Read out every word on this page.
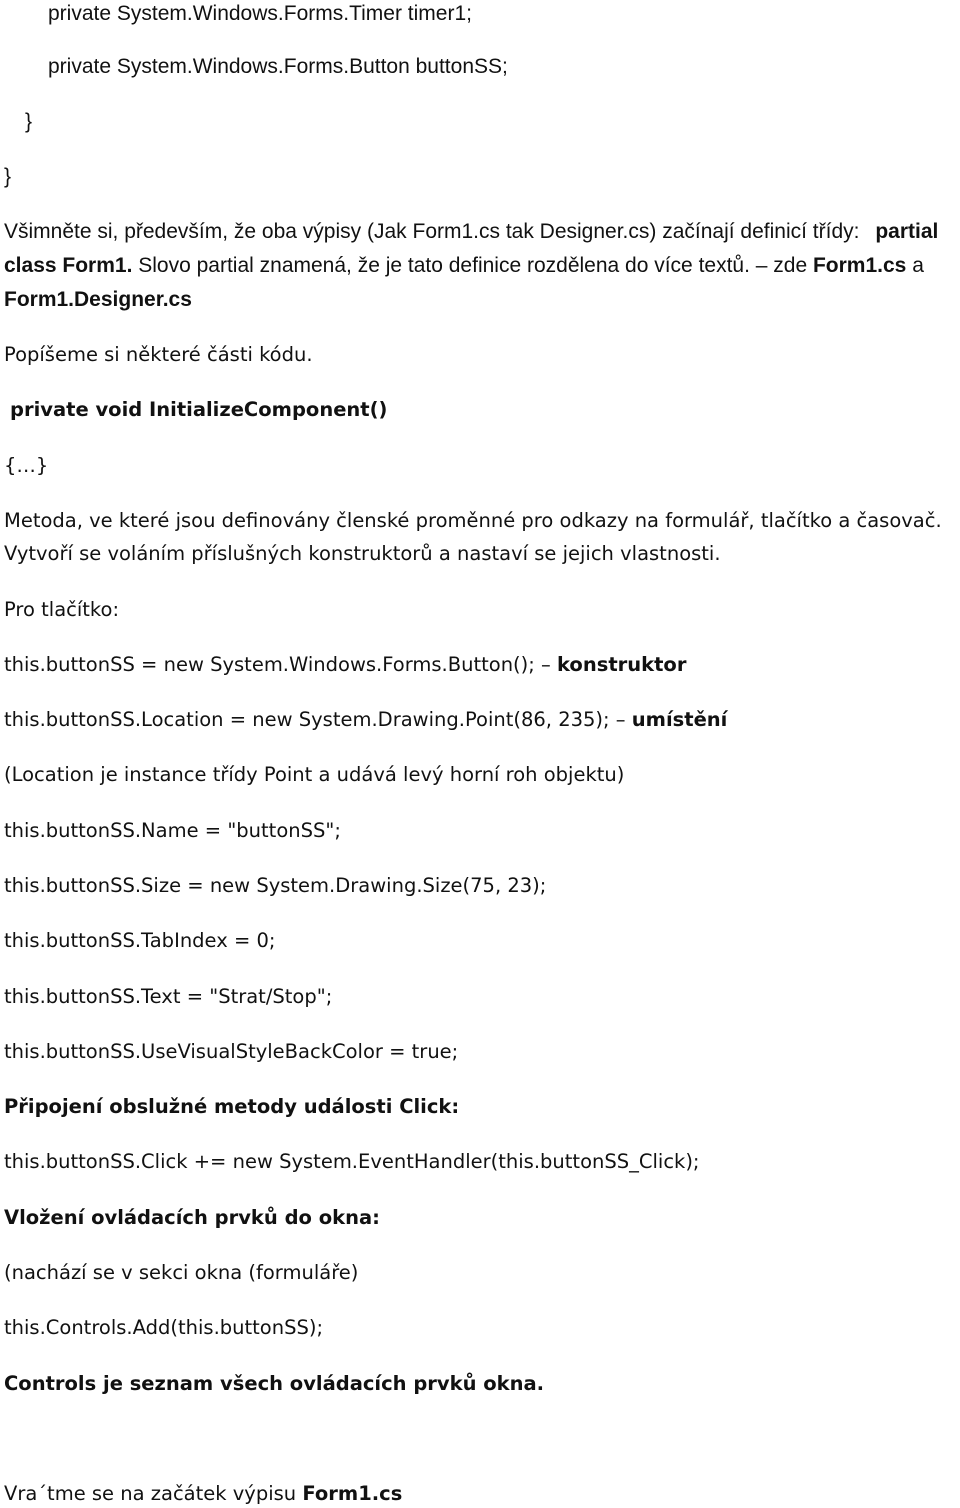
private System.Windows.Forms.Timer timer1;
private System.Windows.Forms.Button buttonSS;
}
}
Všimněte si, především, že oba výpisy (Jak Form1.cs tak Designer.cs) začínají definicí třídy: partial
class Form1. Slovo partial znamená, že je tato definice rozdělena do více textů. – zde Form1.cs a
Form1.Designer.cs
Popíšeme si některé části kódu.
private void InitializeComponent()
{…}
Metoda, ve které jsou definovány členské proměnné pro odkazy na formulář, tlačítko a časovač.
Vytvoří se voláním příslušných konstruktorů a nastaví se jejich vlastnosti.
Pro tlačítko:
this.buttonSS = new System.Windows.Forms.Button(); – konstruktor
this.buttonSS.Location = new System.Drawing.Point(86, 235); – umístění
(Location je instance třídy Point a udává levý horní roh objektu)
this.buttonSS.Name = "buttonSS";
this.buttonSS.Size = new System.Drawing.Size(75, 23);
this.buttonSS.TabIndex = 0;
this.buttonSS.Text = "Strat/Stop";
this.buttonSS.UseVisualStyleBackColor = true;
Připojení obslužné metody události Click:
this.buttonSS.Click += new System.EventHandler(this.buttonSS_Click);
Vložení ovládacích prvků do okna:
(nachází se v sekci okna (formuláře)
this.Controls.Add(this.buttonSS);
Controls je seznam všech ovládacích prvků okna.
Vra´tme se na začátek výpisu Form1.cs
